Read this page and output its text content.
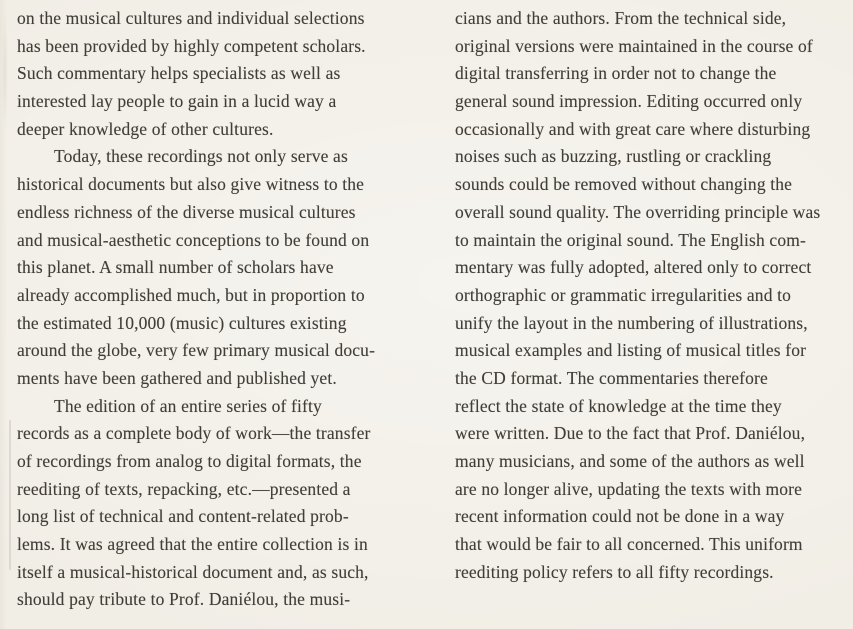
on the musical cultures and individual selections
has been provided by highly competent scholars.
Such commentary helps specialists as well as
interested lay people to gain in a lucid way a
deeper knowledge of other cultures.
Today, these recordings not only serve as
historical documents but also give witness to the
endless richness of the diverse musical cultures
and musical-aesthetic conceptions to be found on
this planet. A small number of scholars have
already accomplished much, but in proportion to
the estimated 10,000 (music) cultures existing
around the globe, very few primary musical docu-
ments have been gathered and published yet.
The edition of an entire series of fifty
records as a complete body of work—the transfer
of recordings from analog to digital formats, the
reediting of texts, repacking, etc.—presented a
long list of technical and content-related prob-
lems. It was agreed that the entire collection is in
itself a musical-historical document and, as such,
should pay tribute to Prof. Daniélou, the musi-
cians and the authors. From the technical side,
original versions were maintained in the course of
digital transferring in order not to change the
general sound impression. Editing occurred only
occasionally and with great care where disturbing
noises such as buzzing, rustling or crackling
sounds could be removed without changing the
overall sound quality. The overriding principle was
to maintain the original sound. The English com-
mentary was fully adopted, altered only to correct
orthographic or grammatic irregularities and to
unify the layout in the numbering of illustrations,
musical examples and listing of musical titles for
the CD format. The commentaries therefore
reflect the state of knowledge at the time they
were written. Due to the fact that Prof. Daniélou,
many musicians, and some of the authors as well
are no longer alive, updating the texts with more
recent information could not be done in a way
that would be fair to all concerned. This uniform
reediting policy refers to all fifty recordings.
